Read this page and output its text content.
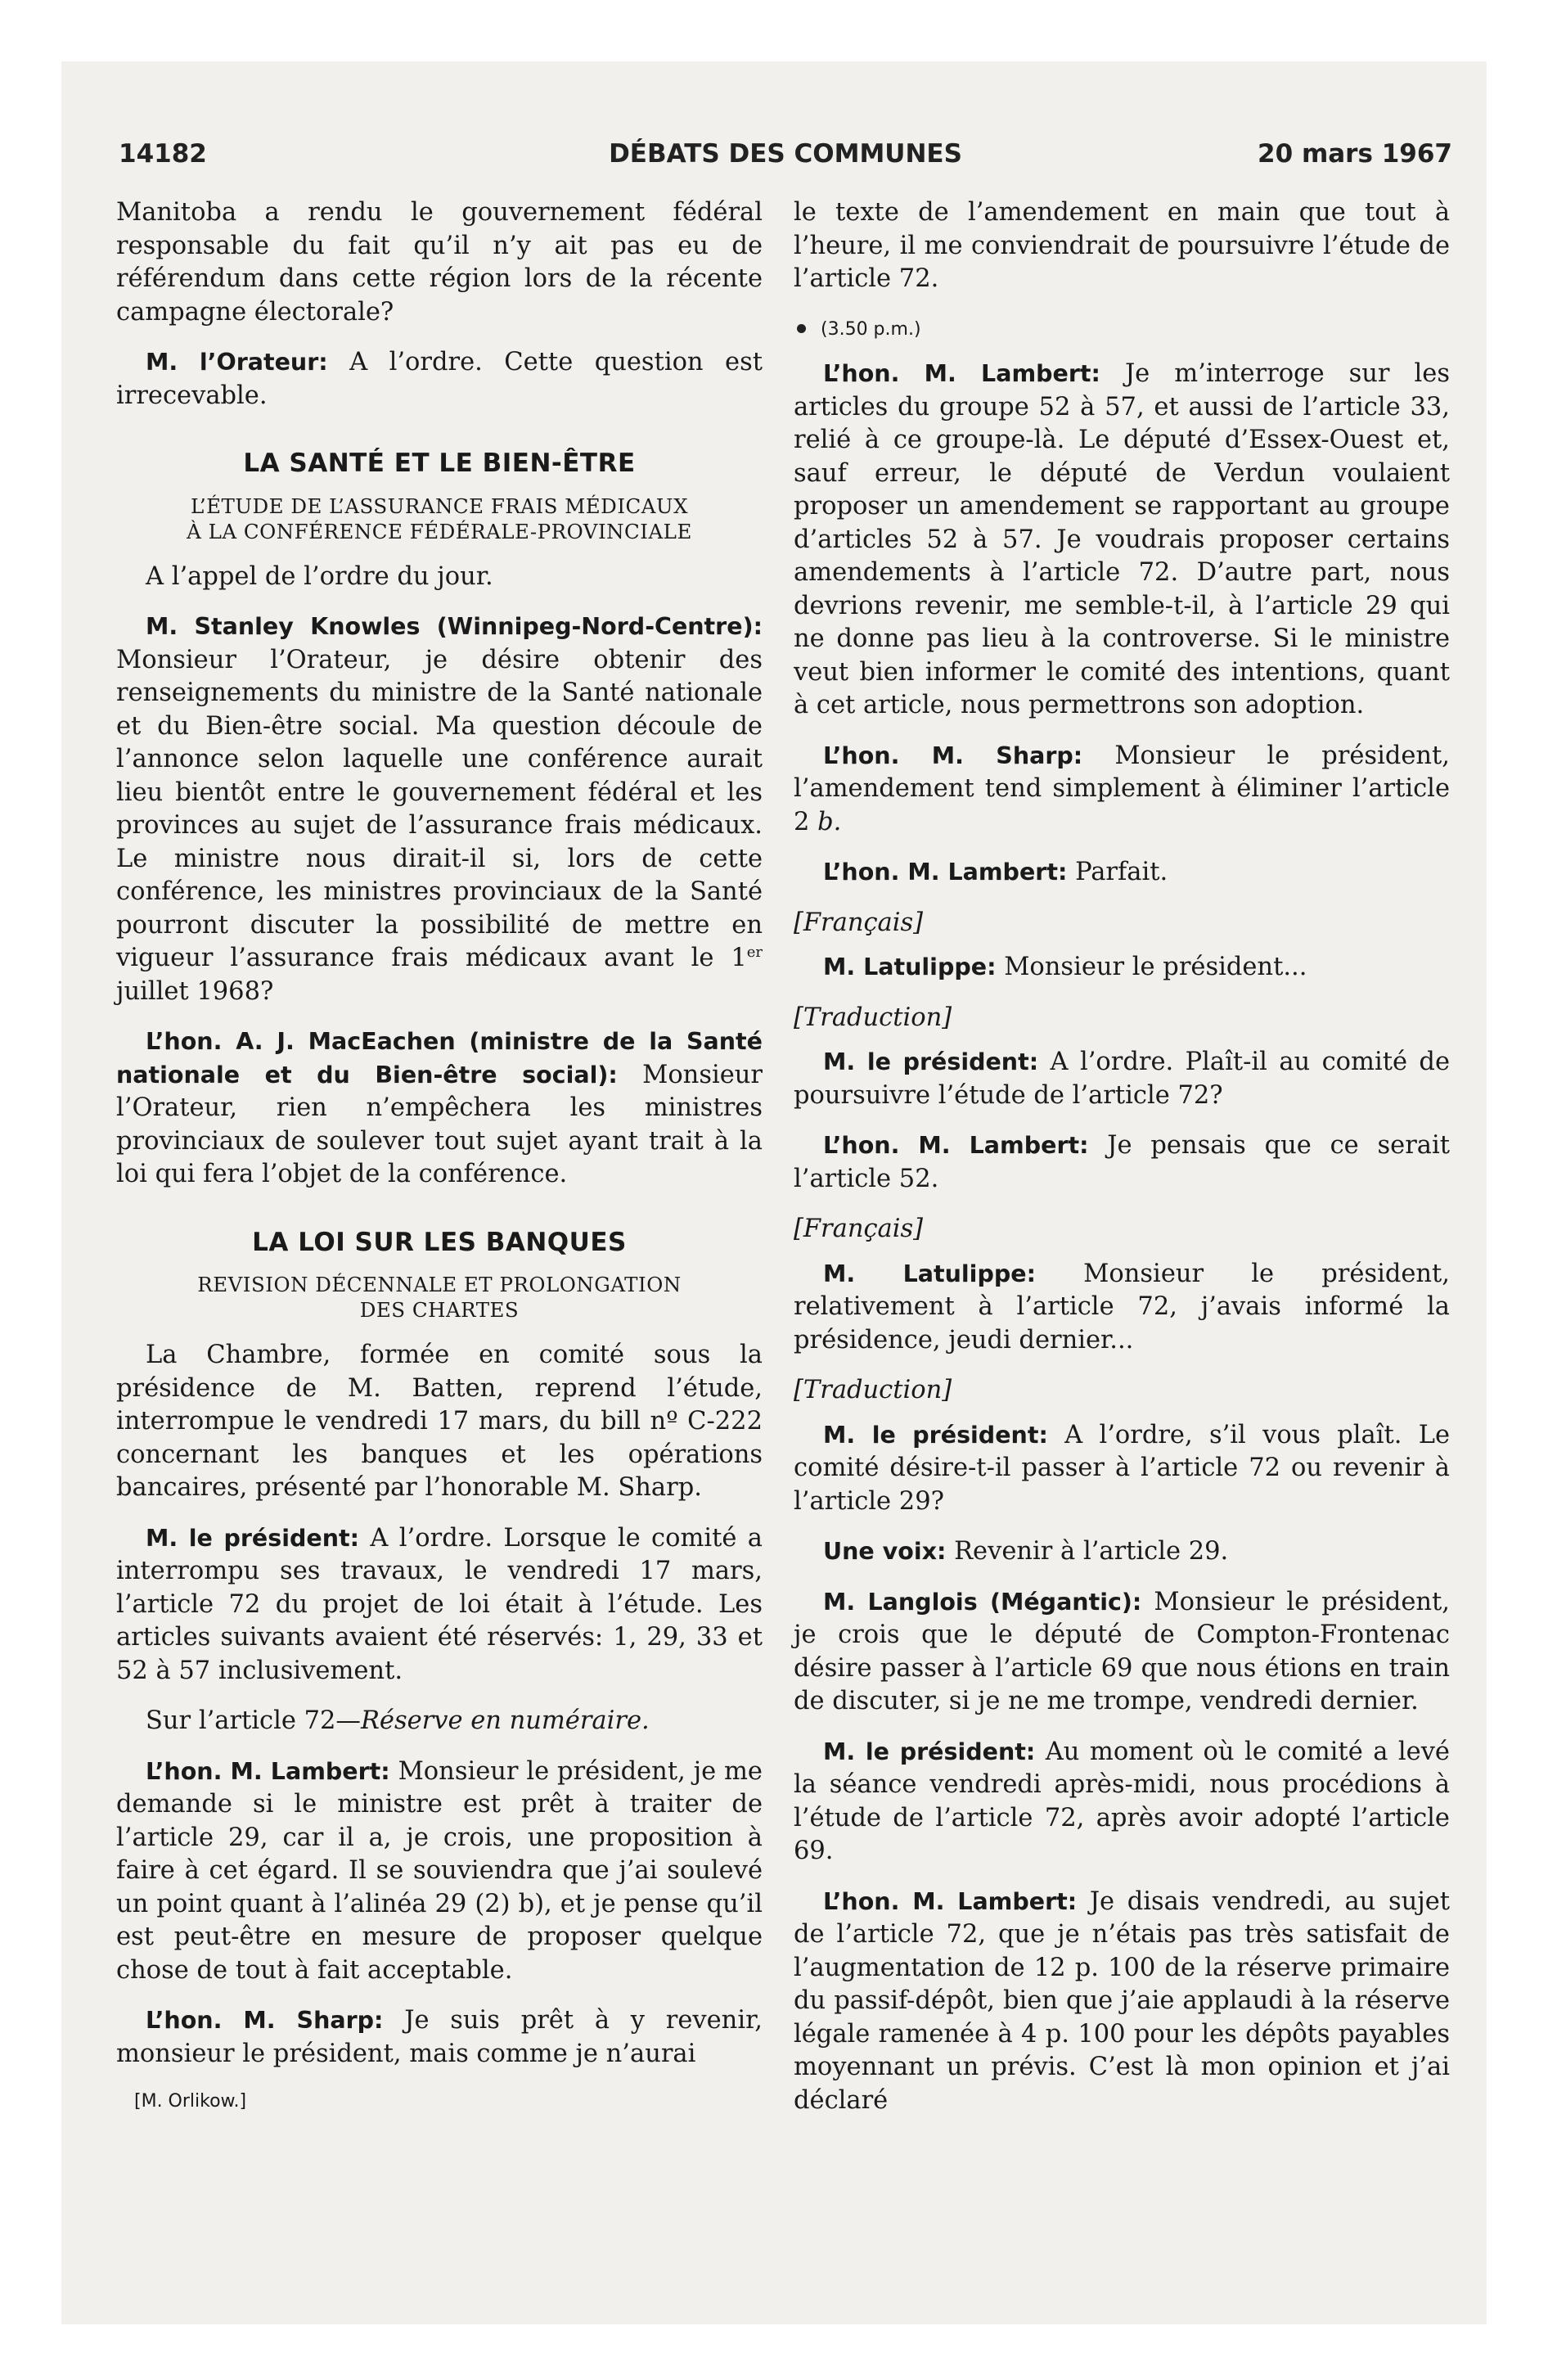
14182	DÉBATS DES COMMUNES	20 mars 1967

Manitoba a rendu le gouvernement fédéral responsable du fait qu’il n’y ait pas eu de référendum dans cette région lors de la récente campagne électorale?

M. l’Orateur: A l’ordre. Cette question est irrecevable.

LA SANTÉ ET LE BIEN-ÊTRE
L’ÉTUDE DE L’ASSURANCE FRAIS MÉDICAUX
À LA CONFÉRENCE FÉDÉRALE-PROVINCIALE

A l’appel de l’ordre du jour.

M. Stanley Knowles (Winnipeg-Nord-Centre): Monsieur l’Orateur, je désire obtenir des renseignements du ministre de la Santé nationale et du Bien-être social. Ma question découle de l’annonce selon laquelle une conférence aurait lieu bientôt entre le gouvernement fédéral et les provinces au sujet de l’assurance frais médicaux. Le ministre nous dirait-il si, lors de cette conférence, les ministres provinciaux de la Santé pourront discuter la possibilité de mettre en vigueur l’assurance frais médicaux avant le 1er juillet 1968?

L’hon. A. J. MacEachen (ministre de la Santé nationale et du Bien-être social): Monsieur l’Orateur, rien n’empêchera les ministres provinciaux de soulever tout sujet ayant trait à la loi qui fera l’objet de la conférence.

LA LOI SUR LES BANQUES
REVISION DÉCENNALE ET PROLONGATION
DES CHARTES

La Chambre, formée en comité sous la présidence de M. Batten, reprend l’étude, interrompue le vendredi 17 mars, du bill nº C-222 concernant les banques et les opérations bancaires, présenté par l’honorable M. Sharp.

M. le président: A l’ordre. Lorsque le comité a interrompu ses travaux, le vendredi 17 mars, l’article 72 du projet de loi était à l’étude. Les articles suivants avaient été réservés: 1, 29, 33 et 52 à 57 inclusivement.

Sur l’article 72—Réserve en numéraire.

L’hon. M. Lambert: Monsieur le président, je me demande si le ministre est prêt à traiter de l’article 29, car il a, je crois, une proposition à faire à cet égard. Il se souviendra que j’ai soulevé un point quant à l’alinéa 29 (2) b), et je pense qu’il est peut-être en mesure de proposer quelque chose de tout à fait acceptable.

L’hon. M. Sharp: Je suis prêt à y revenir, monsieur le président, mais comme je n’aurai

[M. Orlikow.]

le texte de l’amendement en main que tout à l’heure, il me conviendrait de poursuivre l’étude de l’article 72.

(3.50 p.m.)

L’hon. M. Lambert: Je m’interroge sur les articles du groupe 52 à 57, et aussi de l’article 33, relié à ce groupe-là. Le député d’Essex-Ouest et, sauf erreur, le député de Verdun voulaient proposer un amendement se rapportant au groupe d’articles 52 à 57. Je voudrais proposer certains amendements à l’article 72. D’autre part, nous devrions revenir, me semble-t-il, à l’article 29 qui ne donne pas lieu à la controverse. Si le ministre veut bien informer le comité des intentions, quant à cet article, nous permettrons son adoption.

L’hon. M. Sharp: Monsieur le président, l’amendement tend simplement à éliminer l’article 2 b.

L’hon. M. Lambert: Parfait.

[Français]

M. Latulippe: Monsieur le président...

[Traduction]

M. le président: A l’ordre. Plaît-il au comité de poursuivre l’étude de l’article 72?

L’hon. M. Lambert: Je pensais que ce serait l’article 52.

[Français]

M. Latulippe: Monsieur le président, relativement à l’article 72, j’avais informé la présidence, jeudi dernier...

[Traduction]

M. le président: A l’ordre, s’il vous plaît. Le comité désire-t-il passer à l’article 72 ou revenir à l’article 29?

Une voix: Revenir à l’article 29.

M. Langlois (Mégantic): Monsieur le président, je crois que le député de Compton-Frontenac désire passer à l’article 69 que nous étions en train de discuter, si je ne me trompe, vendredi dernier.

M. le président: Au moment où le comité a levé la séance vendredi après-midi, nous procédions à l’étude de l’article 72, après avoir adopté l’article 69.

L’hon. M. Lambert: Je disais vendredi, au sujet de l’article 72, que je n’étais pas très satisfait de l’augmentation de 12 p. 100 de la réserve primaire du passif-dépôt, bien que j’aie applaudi à la réserve légale ramenée à 4 p. 100 pour les dépôts payables moyennant un prévis. C’est là mon opinion et j’ai déclaré
